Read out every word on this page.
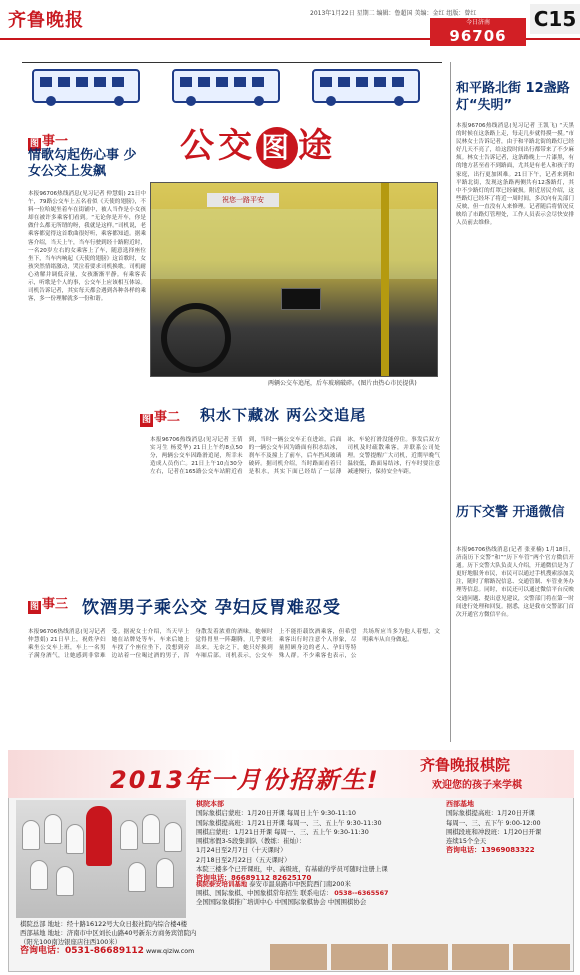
齐鲁晚报	2013年1月22日 星期二 编辑：鲁超国 美编：金红 组版：曾红
今日济南
96706
C15
公交 图 途
祝您一路平安
两辆公交车追尾，后车玻璃破碎。(图片由热心市民提供)
图 事一
情歌勾起伤心事 少女公交上发飙
本报96706热线消息(见习记者 仲慧娟) 21日中午，79路公交车上五名看似《天使的翅膀》，不料一位哈妮坐着车在街铺中，被人当作是小女孩却在被许多乘客们看到。“无论你是开车，你是做什么都无所谓的呀，我就是这样。”司机说，老乘客都觉得这首歌曲很好听，乘客都知道。据乘客介绍，当天上午，当车行驶到经十路附近时，一名20岁左右的女乘客上了车，随意选择座位坐下，当车内响起《天使的翅膀》这首歌时，女孩突然情绪激动，哭泣着要求司机换歌。司机耐心劝解并调低音量，女孩渐渐平静。有乘客表示，听歌是个人的事，公交车上应该相互体谅。司机告诉记者，其实每天都会遇到各种各样的乘客，多一份理解就多一份和谐。
图 事二 积水下藏冰 两公交追尾
本报96706热线消息(见习记者 王倩 实习生 杨爱华) 21日上午约8点50分，两辆公交车因路滑追尾，所幸未造成人员伤亡。21日上午10点30分左右，记者在165路公交车站附近看到，当时一辆公交车正在进站，后面的一辆公交车因为路面有积水结冰，刹车不及撞上了前车，后车挡风玻璃破碎。据司机介绍，当时路面看着只是积水，其实下面已经结了一层薄冰，车轮打滑没能停住。事发后双方司机及时疏散乘客，并联系公司处理。交警提醒广大司机，近期早晚气温较低，路面易结冰，行车时要注意减速慢行，保持安全车距。
图 事三 饮酒男子乘公交 孕妇反胃难忍受
本报96706热线消息(见习记者 仲慧娟) 21日早上，祝姓孕妇乘坐公交车上班，车上一名男子满身酒气，让她感到非常难受。据祝女士介绍，当天早上她在站牌处等车，车来后她上车找了个座位坐下，没想到旁边站着一位喝过酒的男子，浑身散发着浓重的酒味，她顿时觉得胃里一阵翻腾，几乎要吐出来。无奈之下，她只好换到车厢后部。司机表示，公交车上不能拒载饮酒乘客，但希望乘客出行时注意个人形象，尽量照顾身边的老人、孕妇等特殊人群。不少乘客也表示，公共场所应当多为他人着想，文明乘车从自身做起。
和平路北街 12盏路灯“失明”
本报96706热线消息(见习记者 王凯飞) “天黑的时候在这条路上走，每走几步就得摸一摸。”市民林女士告诉记者，由于和平路北街的路灯已经好几天不亮了，给这段时间出行都带来了不少麻烦。林女士告诉记者，这条路晚上一片漆黑，有的地方甚至看不到路面，尤其是有老人和孩子的家庭，出行更加困难。21日下午，记者来到和平路北街，发现这条路两侧共有12盏路灯，其中不少路灯的灯罩已经破损。附近居民介绍，这些路灯已经坏了将近一周时间，多次向有关部门反映，但一直没有人来修理。记者随后将情况反映给了市路灯管理处，工作人员表示会尽快安排人员前去维修。
历下交警 开通微信
本报96706热线消息(记者 张亚楠) 1月18日，济南历下交警“和”“历下车管”两个官方微信开通。历下交警大队负责人介绍，开通微信是为了更好地服务市民，市民可以通过手机搜索添加关注，随时了解路况信息、交通管制、车管业务办理等信息。同时，市民还可以通过微信平台反映交通问题、提出意见建议，交警部门将在第一时间进行处理和回复。据悉，这是我市交警部门首次开通官方微信平台。
2013年一月份招新生!
齐鲁晚报棋院
欢迎您的孩子来学棋
棋院本部
国际象棋启蒙班：1月20日开课 每周日上午 9:30-11:10
国际象棋提高班：1月21日开课 每周一、三、五上午 9:30-11:30
围棋启蒙班：1月21日开课 每周一、三、五上午 9:30-11:30
围棋寒假3-5段集训队（教练：崔灿）：
1月24日至2月7日（十天课时）
2月18日至2月22日（五天课时）
本院三楼多个已开课班，中、高级班，有基础的学员可随时注册上课
咨询电话：86689112 82625170
西部基地
国际象棋提高班：1月20日开课
每周一、三、五下午 9:00-12:00
围棋段班和冲段班：1月20日开课
连续15个全天
咨询电话：13969083322
棋院泰安培训基地 泰安市温泉路市中医院西门南200米
围棋、国际象棋、中国象棋常年招生 联系电话： 0538--6365567
全国国际象棋推广培训中心 中国国际象棋协会 中国围棋协会
棋院总部 地址：经十路16122号大众日报社院内综合楼4楼
西部基地 地址：济南市中区刘长山路40号新东方商务宾馆院内
（阳光100南边银座店往西100米）
咨询电话：0531-86689112 www.qiziw.com
